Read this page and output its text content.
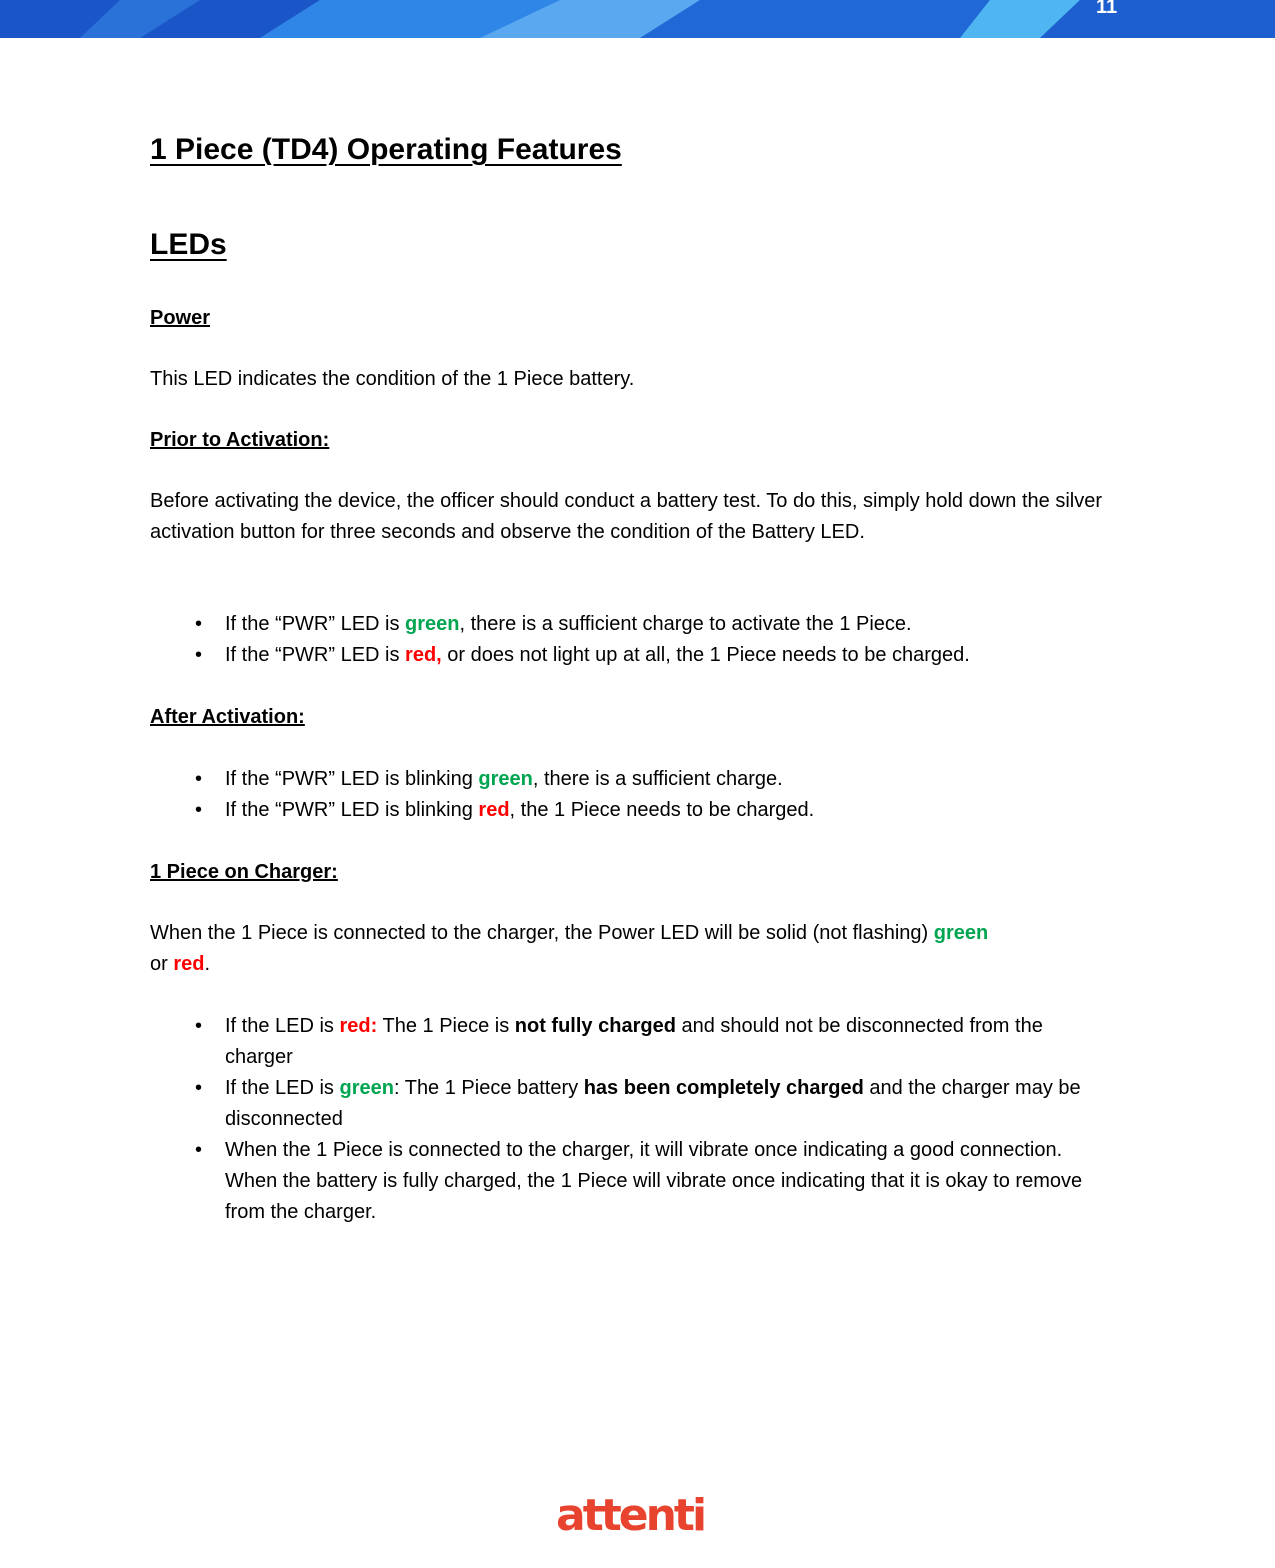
11
1 Piece (TD4) Operating Features
LEDs

Power

This LED indicates the condition of the 1 Piece battery.

Prior to Activation:

Before activating the device, the officer should conduct a battery test. To do this, simply hold down the silver activation button for three seconds and observe the condition of the Battery LED.

• If the “PWR” LED is green, there is a sufficient charge to activate the 1 Piece.
• If the “PWR” LED is red, or does not light up at all, the 1 Piece needs to be charged.

After Activation:

• If the “PWR” LED is blinking green, there is a sufficient charge.
• If the “PWR” LED is blinking red, the 1 Piece needs to be charged.

1 Piece on Charger:

When the 1 Piece is connected to the charger, the Power LED will be solid (not flashing) green
or red.

• If the LED is red: The 1 Piece is not fully charged and should not be disconnected from the charger
• If the LED is green: The 1 Piece battery has been completely charged and the charger may be disconnected
• When the 1 Piece is connected to the charger, it will vibrate once indicating a good connection. When the battery is fully charged, the 1 Piece will vibrate once indicating that it is okay to remove from the charger.
attenti
